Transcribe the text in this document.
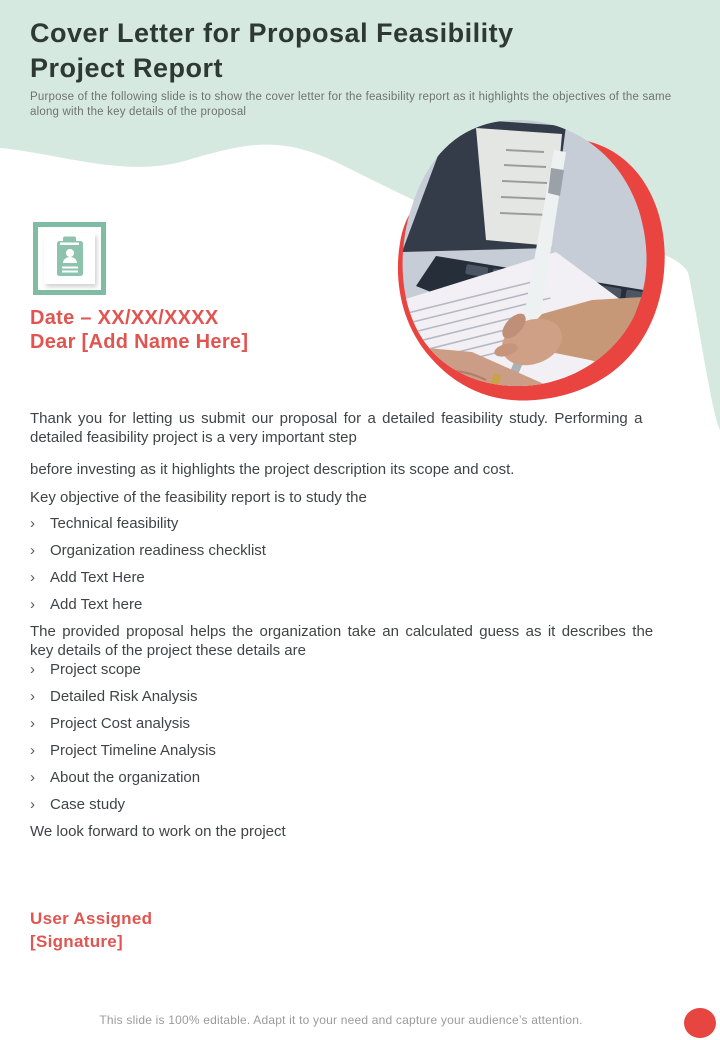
Cover Letter for Proposal Feasibility
Project Report
Purpose of the following slide is to show the cover letter for the feasibility report as it highlights the objectives of the same
along with the key details of the proposal
Date – XX/XX/XXXX
Dear [Add Name Here]
Thank you for letting us submit our proposal for a detailed feasibility study. Performing a
detailed feasibility project is a very important step
before investing as it highlights the project description its scope and cost.
Key objective of the feasibility report is to study the
›	Technical feasibility
›	Organization readiness checklist
›	Add Text Here
›	Add Text here
The provided proposal helps the organization take an calculated guess as it describes the
key details of the project these details are
›	Project scope
›	Detailed Risk Analysis
›	Project Cost analysis
›	Project Timeline Analysis
›	About the organization
›	Case study
We look forward to work on the project
User Assigned
[Signature]
This slide is 100% editable. Adapt it to your need and capture your audience’s attention.
